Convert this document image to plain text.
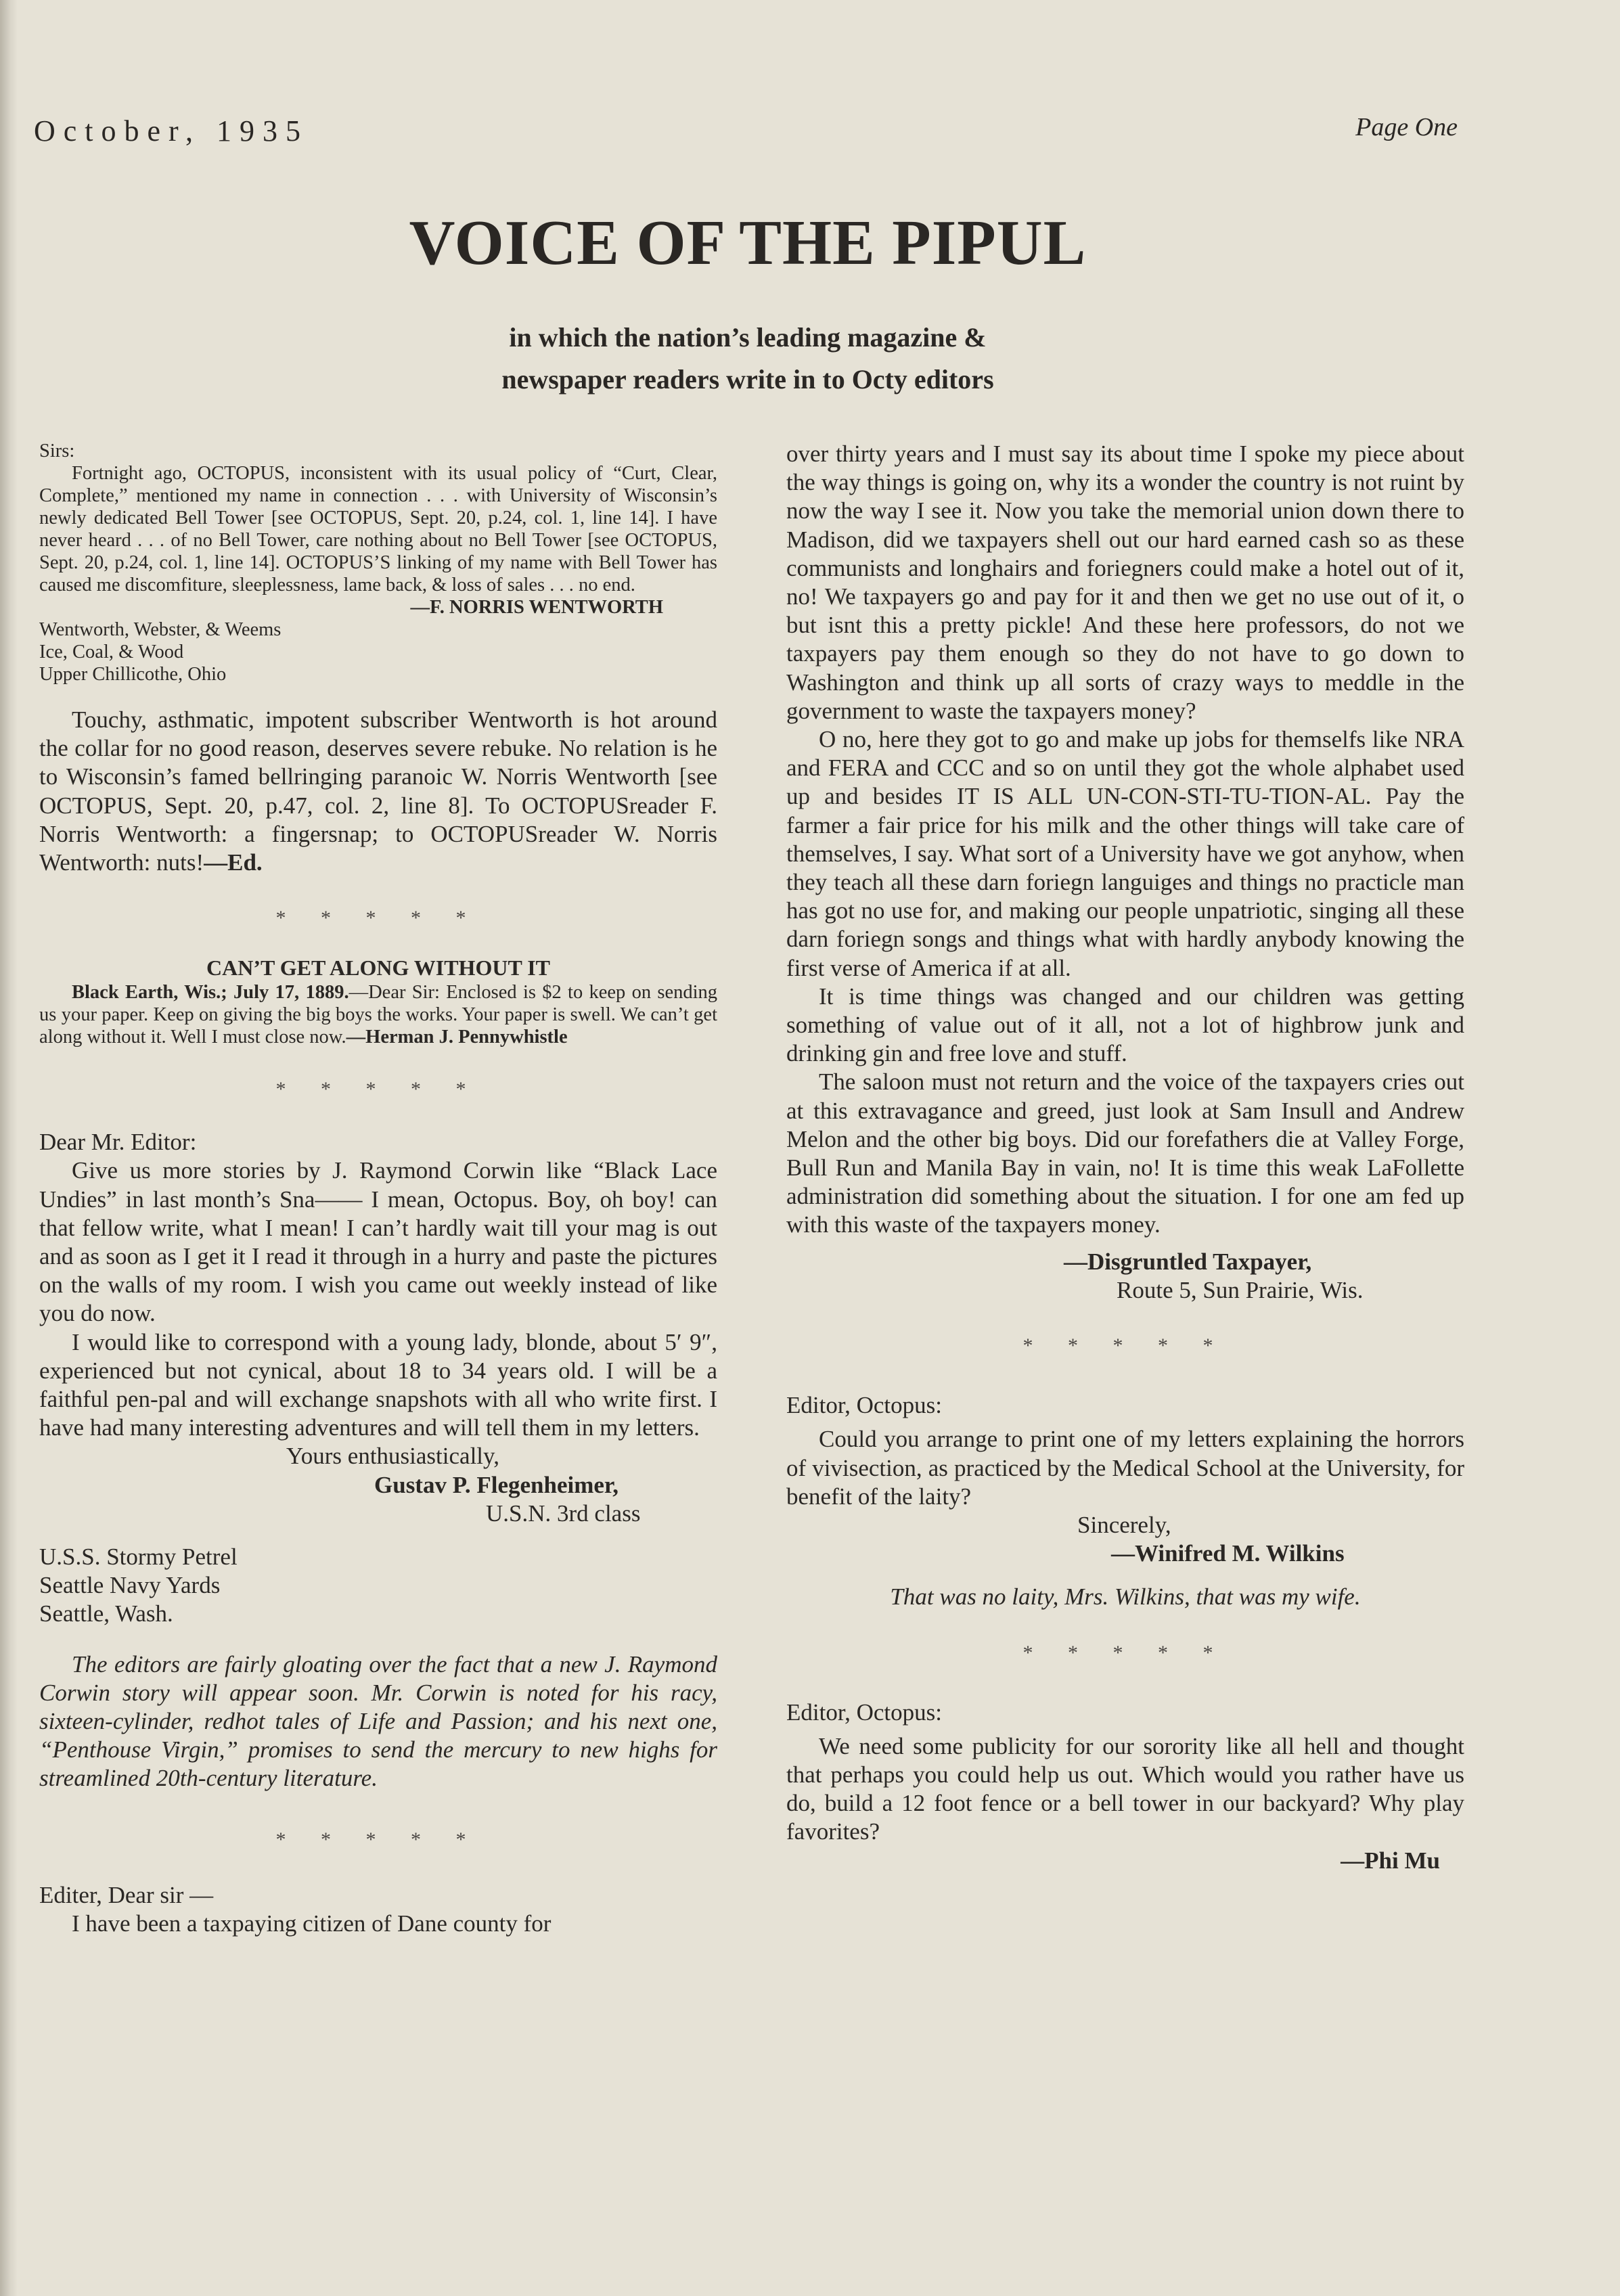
October, 1935	Page One

VOICE OF THE PIPUL
in which the nation’s leading magazine &
newspaper readers write in to Octy editors

Sirs:

Fortnight ago, OCTOPUS, inconsistent with its usual policy of “Curt, Clear, Complete,” mentioned my name in connection . . . with University of Wisconsin’s newly dedicated Bell Tower [see OCTOPUS, Sept. 20, p.24, col. 1, line 14]. I have never heard . . . of no Bell Tower, care nothing about no Bell Tower [see OCTOPUS, Sept. 20, p.24, col. 1, line 14]. OCTOPUS’S linking of my name with Bell Tower has caused me discomfiture, sleeplessness, lame back, & loss of sales . . . no end.

—F. NORRIS WENTWORTH

Wentworth, Webster, & Weems

Ice, Coal, & Wood

Upper Chillicothe, Ohio

Touchy, asthmatic, impotent subscriber Wentworth is hot around the collar for no good reason, deserves severe rebuke. No relation is he to Wisconsin’s famed bellringing paranoic W. Norris Wentworth [see OCTOPUS, Sept. 20, p.47, col. 2, line 8]. To OCTOPUSreader F. Norris Wentworth: a fingersnap; to OCTOPUSreader W. Norris Wentworth: nuts!—Ed.

* * * * *

CAN’T GET ALONG WITHOUT IT

Black Earth, Wis.; July 17, 1889.—Dear Sir: Enclosed is $2 to keep on sending us your paper. Keep on giving the big boys the works. Your paper is swell. We can’t get along without it. Well I must close now.—Herman J. Pennywhistle

* * * * *

Dear Mr. Editor:

Give us more stories by J. Raymond Corwin like “Black Lace Undies” in last month’s Sna—— I mean, Octopus. Boy, oh boy! can that fellow write, what I mean! I can’t hardly wait till your mag is out and as soon as I get it I read it through in a hurry and paste the pictures on the walls of my room. I wish you came out weekly instead of like you do now.

I would like to correspond with a young lady, blonde, about 5′ 9″, experienced but not cynical, about 18 to 34 years old. I will be a faithful pen-pal and will exchange snapshots with all who write first. I have had many interesting adventures and will tell them in my letters.

Yours enthusiastically,

Gustav P. Flegenheimer,

U.S.N. 3rd class

U.S.S. Stormy Petrel

Seattle Navy Yards

Seattle, Wash.

The editors are fairly gloating over the fact that a new J. Raymond Corwin story will appear soon. Mr. Corwin is noted for his racy, sixteen-cylinder, redhot tales of Life and Passion; and his next one, “Penthouse Virgin,” promises to send the mercury to new highs for streamlined 20th-century literature.

* * * * *

Editer, Dear sir —

I have been a taxpaying citizen of Dane county for

over thirty years and I must say its about time I spoke my piece about the way things is going on, why its a wonder the country is not ruint by now the way I see it. Now you take the memorial union down there to Madison, did we taxpayers shell out our hard earned cash so as these communists and longhairs and foriegners could make a hotel out of it, no! We taxpayers go and pay for it and then we get no use out of it, o but isnt this a pretty pickle! And these here professors, do not we taxpayers pay them enough so they do not have to go down to Washington and think up all sorts of crazy ways to meddle in the government to waste the taxpayers money?

O no, here they got to go and make up jobs for themselfs like NRA and FERA and CCC and so on until they got the whole alphabet used up and besides IT IS ALL UN-CON-STI-TU-TION-AL. Pay the farmer a fair price for his milk and the other things will take care of themselves, I say. What sort of a University have we got anyhow, when they teach all these darn foriegn languiges and things no practicle man has got no use for, and making our people unpatriotic, singing all these darn foriegn songs and things what with hardly anybody knowing the first verse of America if at all.

It is time things was changed and our children was getting something of value out of it all, not a lot of highbrow junk and drinking gin and free love and stuff.

The saloon must not return and the voice of the taxpayers cries out at this extravagance and greed, just look at Sam Insull and Andrew Melon and the other big boys. Did our forefathers die at Valley Forge, Bull Run and Manila Bay in vain, no! It is time this weak LaFollette administration did something about the situation. I for one am fed up with this waste of the taxpayers money.

—Disgruntled Taxpayer,

Route 5, Sun Prairie, Wis.

* * * * *

Editor, Octopus:

Could you arrange to print one of my letters explaining the horrors of vivisection, as practiced by the Medical School at the University, for benefit of the laity?

Sincerely,

—Winifred M. Wilkins

That was no laity, Mrs. Wilkins, that was my wife.

* * * * *

Editor, Octopus:

We need some publicity for our sorority like all hell and thought that perhaps you could help us out. Which would you rather have us do, build a 12 foot fence or a bell tower in our backyard? Why play favorites?

—Phi Mu
